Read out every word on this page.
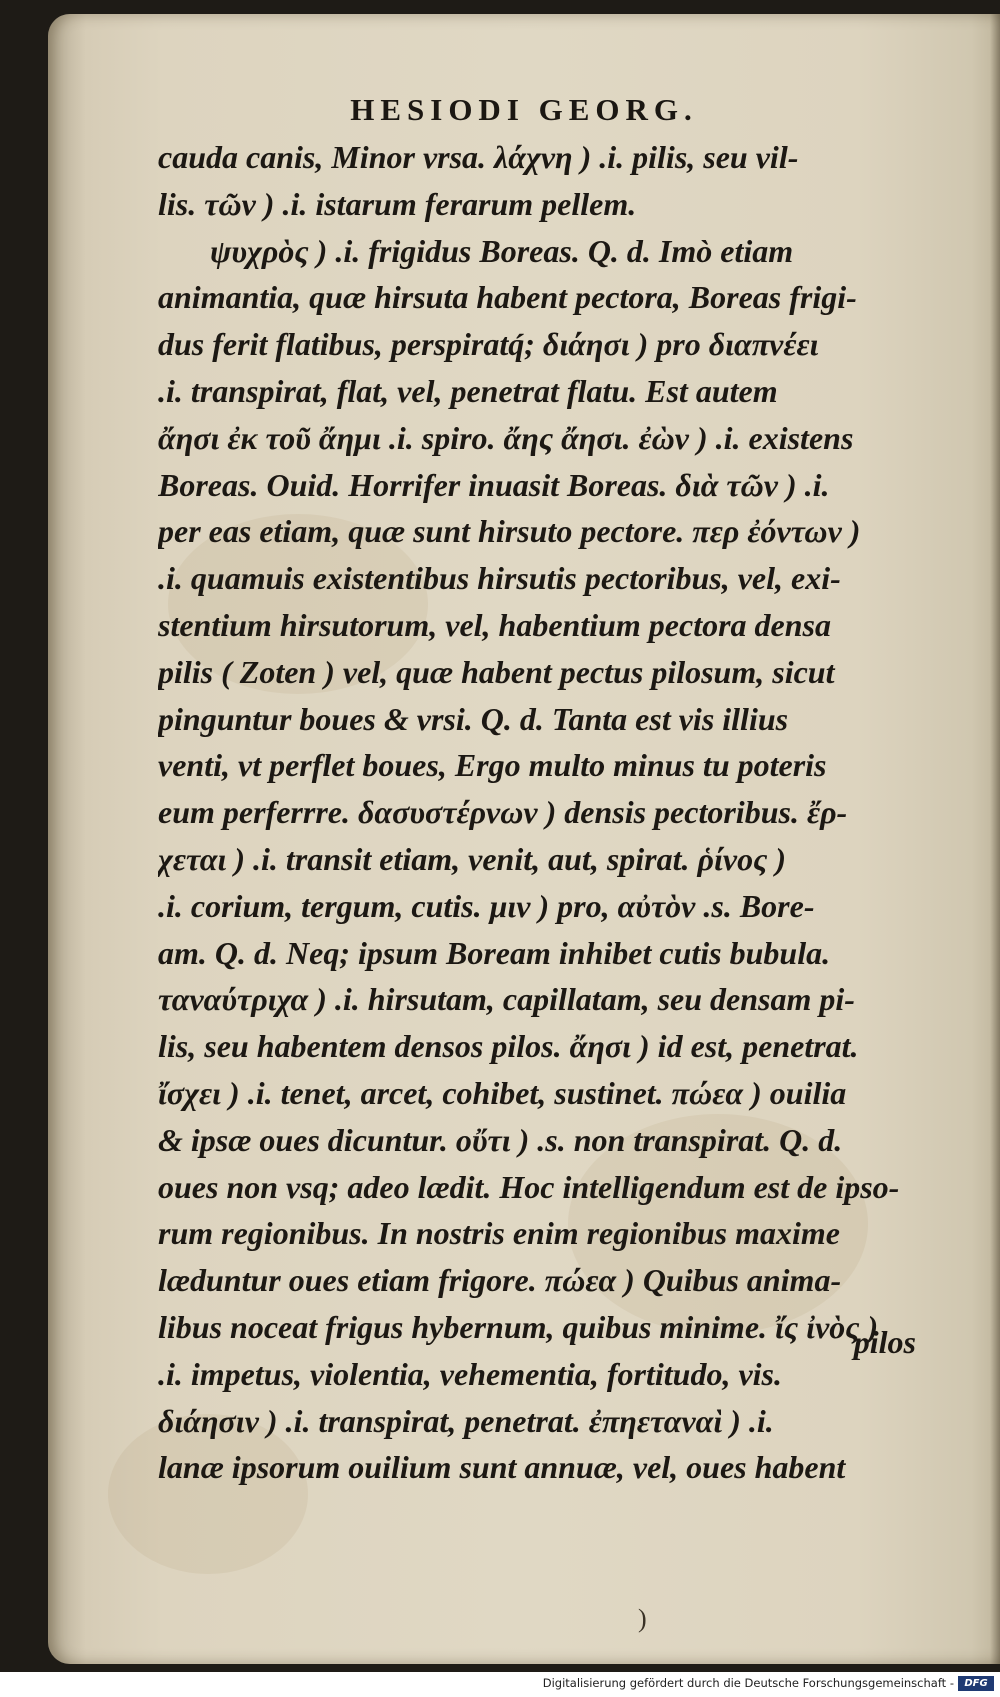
HESIODI GEORG.
cauda canis, Minor vrsa. λάχνη ) .i. pilis, seu vil-
lis. τῶν ) .i. istarum ferarum pellem.
ψυχρὸς ) .i. frigidus Boreas. Q. d. Imò etiam
animantia, quæ hirsuta habent pectora, Boreas frigi-
dus ferit flatibus, perspiratq́; διάησι ) pro διαπνέει
.i. transpirat, flat, vel, penetrat flatu. Est autem
ἄησι ἐκ τοῦ ἄημι .i. spiro. ἄης ἄησι. ἐὼν ) .i. existens
Boreas. Ouid. Horrifer inuasit Boreas. διὰ τῶν ) .i.
per eas etiam, quæ sunt hirsuto pectore. περ ἐόντων )
.i. quamuis existentibus hirsutis pectoribus, vel, exi-
stentium hirsutorum, vel, habentium pectora densa
pilis ( Zoten ) vel, quæ habent pectus pilosum, sicut
pinguntur boues & vrsi. Q. d. Tanta est vis illius
venti, vt perflet boues, Ergo multo minus tu poteris
eum perferrre. δασυστέρνων ) densis pectoribus. ἔρ-
χεται ) .i. transit etiam, venit, aut, spirat. ῥίνος )
.i. corium, tergum, cutis. μιν ) pro, αὐτὸν .s. Bore-
am. Q. d. Neq; ipsum Boream inhibet cutis bubula.
ταναύτριχα ) .i. hirsutam, capillatam, seu densam pi-
lis, seu habentem densos pilos. ἄησι ) id est, penetrat.
ἴσχει ) .i. tenet, arcet, cohibet, sustinet. πώεα ) ouilia
& ipsæ oues dicuntur. οὔτι ) .s. non transpirat. Q. d.
oues non vsq; adeo lædit. Hoc intelligendum est de ipso-
rum regionibus. In nostris enim regionibus maxime
læduntur oues etiam frigore. πώεα ) Quibus anima-
libus noceat frigus hybernum, quibus minime. ἴς ἰνὸς )
.i. impetus, violentia, vehementia, fortitudo, vis.
διάησιν ) .i. transpirat, penetrat. ἐπηεταναὶ ) .i.
lanæ ipsorum ouilium sunt annuæ, vel, oues habent
pilos
)
Digitalisierung gefördert durch die Deutsche Forschungsgemeinschaft -	DFG
